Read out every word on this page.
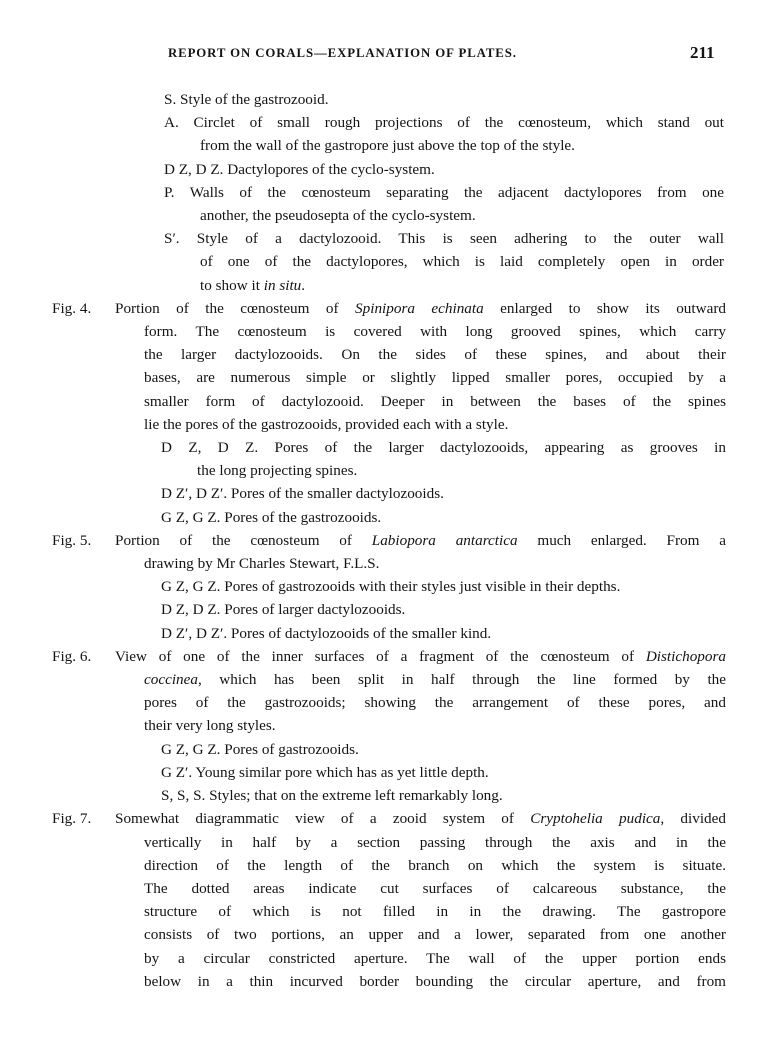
REPORT ON CORALS—EXPLANATION OF PLATES.	211
S. Style of the gastrozooid.
A. Circlet of small rough projections of the cœnosteum, which stand out
from the wall of the gastropore just above the top of the style.
D Z, D Z. Dactylopores of the cyclo-system.
P. Walls of the cœnosteum separating the adjacent dactylopores from one
another, the pseudosepta of the cyclo-system.
S′. Style of a dactylozooid. This is seen adhering to the outer wall
of one of the dactylopores, which is laid completely open in order
to show it in situ.
Fig. 4. Portion of the cœnosteum of Spinipora echinata enlarged to show its outward
form. The cœnosteum is covered with long grooved spines, which carry
the larger dactylozooids. On the sides of these spines, and about their
bases, are numerous simple or slightly lipped smaller pores, occupied by a
smaller form of dactylozooid. Deeper in between the bases of the spines
lie the pores of the gastrozooids, provided each with a style.
D Z, D Z. Pores of the larger dactylozooids, appearing as grooves in
the long projecting spines.
D Z′, D Z′. Pores of the smaller dactylozooids.
G Z, G Z. Pores of the gastrozooids.
Fig. 5. Portion of the cœnosteum of Labiopora antarctica much enlarged. From a
drawing by Mr Charles Stewart, F.L.S.
G Z, G Z. Pores of gastrozooids with their styles just visible in their depths.
D Z, D Z. Pores of larger dactylozooids.
D Z′, D Z′. Pores of dactylozooids of the smaller kind.
Fig. 6. View of one of the inner surfaces of a fragment of the cœnosteum of Distichopora
coccinea, which has been split in half through the line formed by the
pores of the gastrozooids; showing the arrangement of these pores, and
their very long styles.
G Z, G Z. Pores of gastrozooids.
G Z′. Young similar pore which has as yet little depth.
S, S, S. Styles; that on the extreme left remarkably long.
Fig. 7. Somewhat diagrammatic view of a zooid system of Cryptohelia pudica, divided
vertically in half by a section passing through the axis and in the
direction of the length of the branch on which the system is situate.
The dotted areas indicate cut surfaces of calcareous substance, the
structure of which is not filled in in the drawing. The gastropore
consists of two portions, an upper and a lower, separated from one another
by a circular constricted aperture. The wall of the upper portion ends
below in a thin incurved border bounding the circular aperture, and from
